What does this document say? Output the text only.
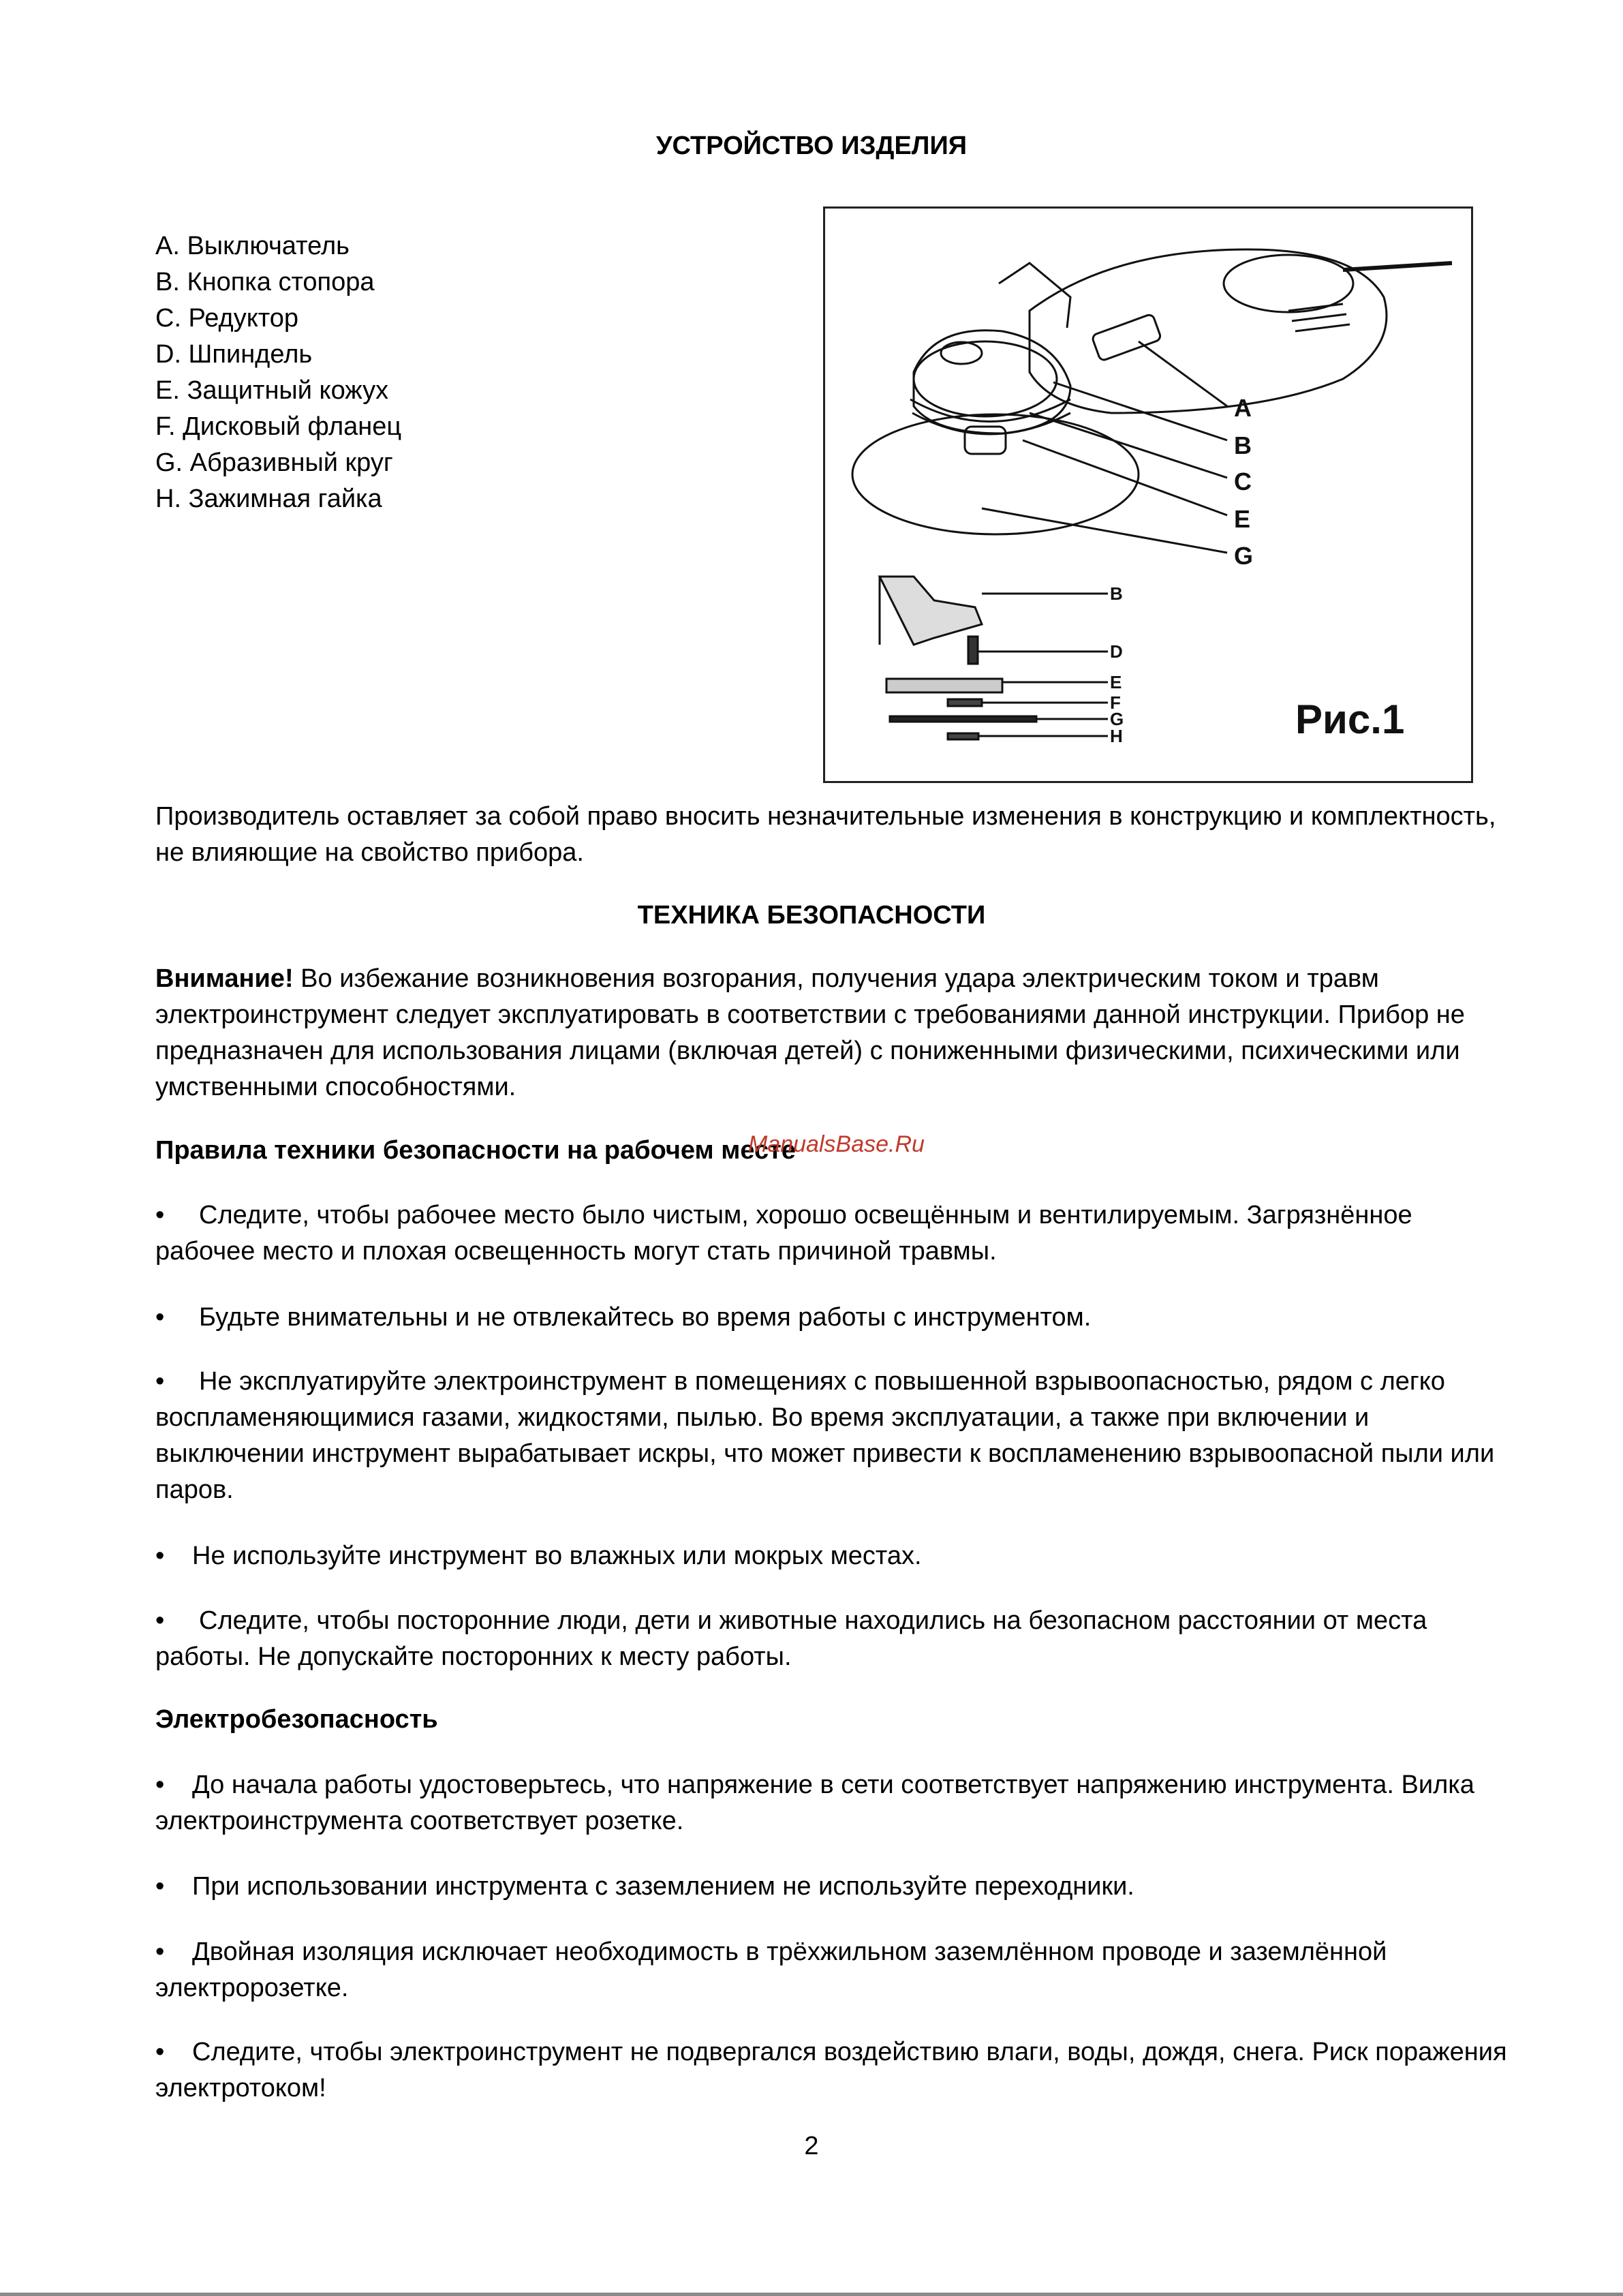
УСТРОЙСТВО ИЗДЕЛИЯ
A. Выключатель
B. Кнопка стопора
C. Редуктор
D. Шпиндель
E. Защитный кожух
F. Дисковый фланец
G. Абразивный круг
H. Зажимная гайка
A
B
C
E
G
B
D
E
F
G
H	Рис.1
Производитель оставляет за собой право вносить незначительные изменения в конструкцию и комплектность, не влияющие на свойство прибора.
ТЕХНИКА БЕЗОПАСНОСТИ
Внимание! Во избежание возникновения возгорания, получения удара электрическим током и травм электроинструмент следует эксплуатировать в соответствии с требованиями данной инструкции. Прибор не предназначен для использования лицами (включая детей) с пониженными физическими, психическими или умственными способностями.
Правила техники безопасности на рабочем месте
ManualsBase.Ru
• Следите, чтобы рабочее место было чистым, хорошо освещённым и вентилируемым. Загрязнённое рабочее место и плохая освещенность могут стать причиной травмы.
• Будьте внимательны и не отвлекайтесь во время работы с инструментом.
• Не эксплуатируйте электроинструмент в помещениях с повышенной взрывоопасностью, рядом с легко воспламеняющимися газами, жидкостями, пылью. Во время эксплуатации, а также при включении и выключении инструмент вырабатывает искры, что может привести к воспламенению взрывоопасной пыли или паров.
• Не используйте инструмент во влажных или мокрых местах.
• Следите, чтобы посторонние люди, дети и животные находились на безопасном расстоянии от места работы. Не допускайте посторонних к месту работы.
Электробезопасность
• До начала работы удостоверьтесь, что напряжение в сети соответствует напряжению инструмента. Вилка электроинструмента соответствует розетке.
• При использовании инструмента с заземлением не используйте переходники.
• Двойная изоляция исключает необходимость в трёхжильном заземлённом проводе и заземлённой электророзетке.
• Следите, чтобы электроинструмент не подвергался воздействию влаги, воды, дождя, снега. Риск поражения электротоком!
2
